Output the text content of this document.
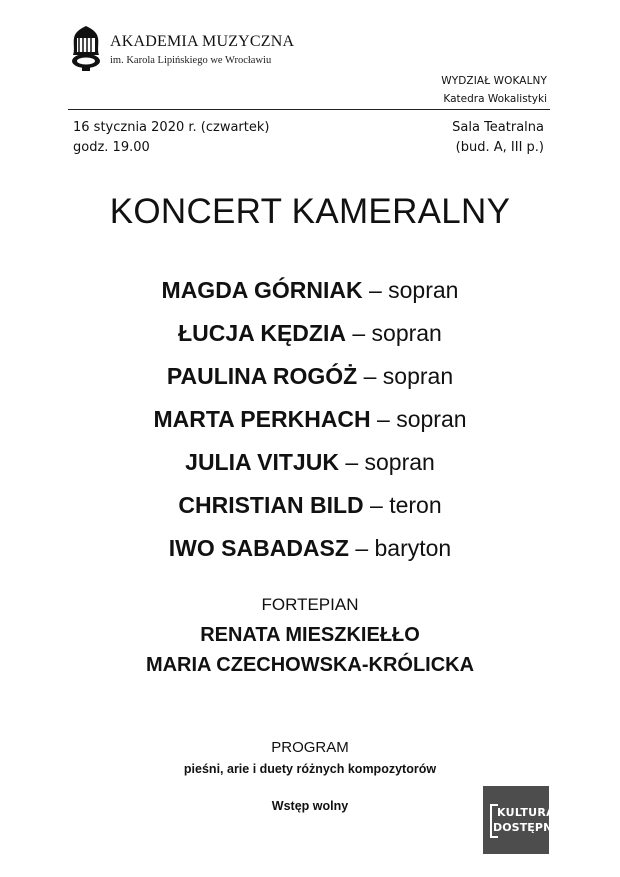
AKADEMIA MUZYCZNA
im. Karola Lipińskiego we Wrocławiu
WYDZIAŁ WOKALNY
Katedra Wokalistyki
16 stycznia 2020 r. (czwartek)
godz. 19.00
Sala Teatralna
(bud. A, III p.)
KONCERT KAMERALNY
MAGDA GÓRNIAK – sopran
ŁUCJA KĘDZIA – sopran
PAULINA ROGÓŻ – sopran
MARTA PERKHACH – sopran
JULIA VITJUK – sopran
CHRISTIAN BILD – teron
IWO SABADASZ – baryton
FORTEPIAN
RENATA MIESZKIEŁŁO
MARIA CZECHOWSKA-KRÓLICKA
PROGRAM
pieśni, arie i duety różnych kompozytorów
Wstęp wolny	KULTURA
DOSTĘPNA
